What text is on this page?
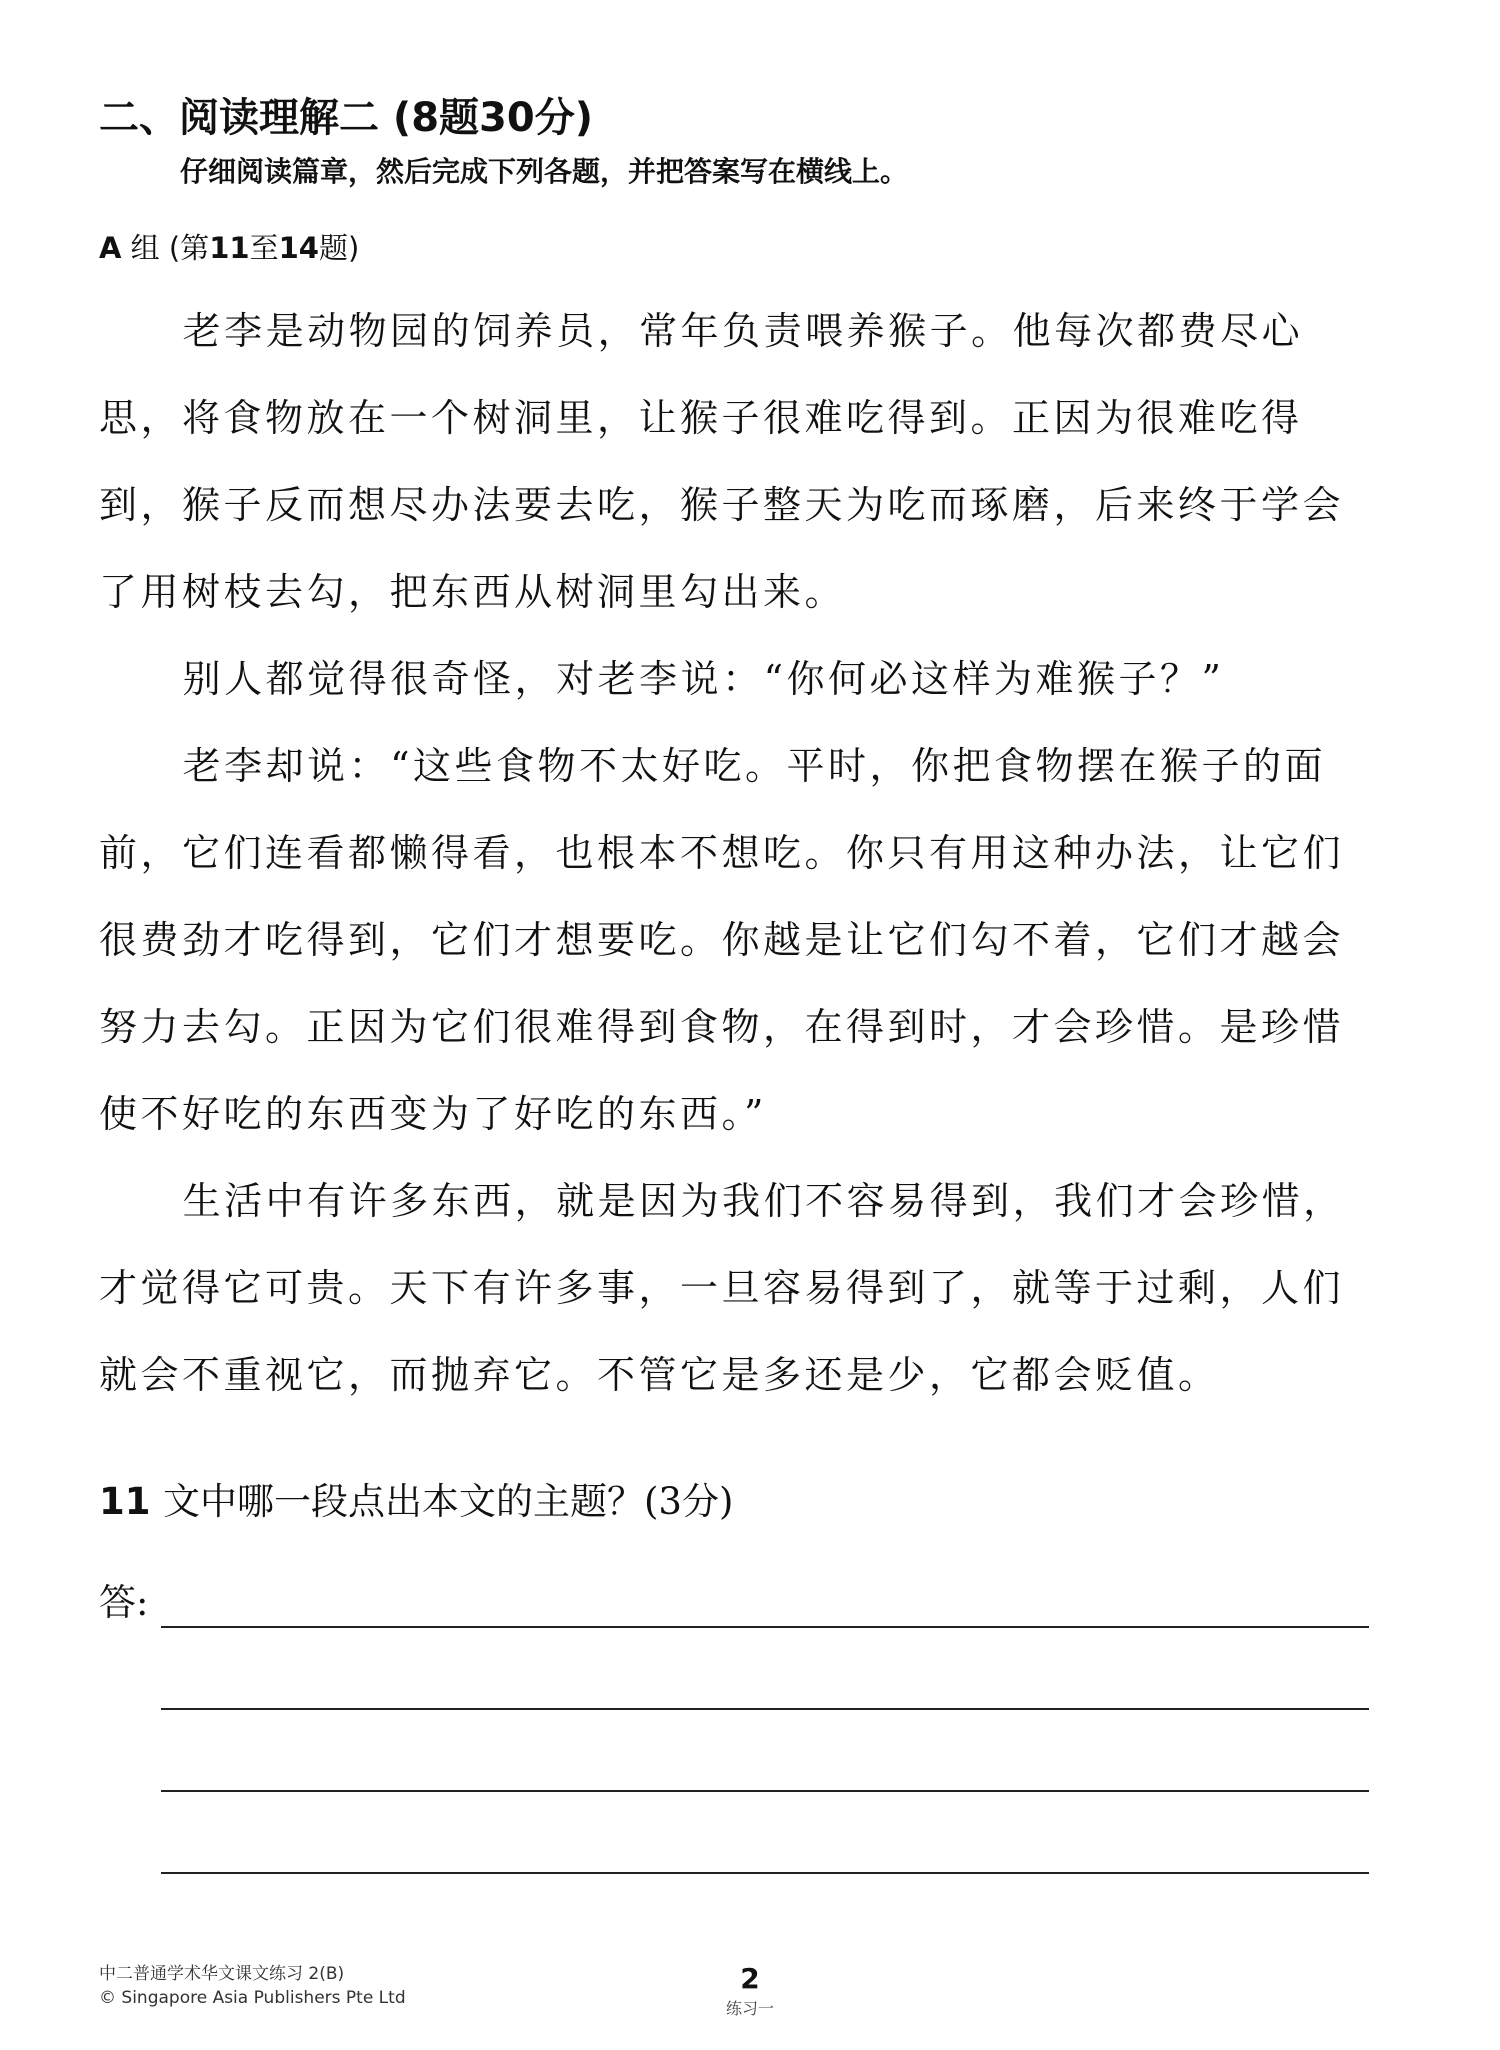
二、阅读理解二 (8题30分)
仔细阅读篇章，然后完成下列各题，并把答案写在横线上。
A 组 (第11至14题)

老李是动物园的饲养员，常年负责喂养猴子。他每次都费尽心思，将食物放在一个树洞里，让猴子很难吃得到。正因为很难吃得到，猴子反而想尽办法要去吃，猴子整天为吃而琢磨，后来终于学会了用树枝去勾，把东西从树洞里勾出来。

别人都觉得很奇怪，对老李说：“你何必这样为难猴子？”

老李却说：“这些食物不太好吃。平时，你把食物摆在猴子的面前，它们连看都懒得看，也根本不想吃。你只有用这种办法，让它们很费劲才吃得到，它们才想要吃。你越是让它们勾不着，它们才越会努力去勾。正因为它们很难得到食物，在得到时，才会珍惜。是珍惜使不好吃的东西变为了好吃的东西。”

生活中有许多东西，就是因为我们不容易得到，我们才会珍惜，才觉得它可贵。天下有许多事，一旦容易得到了，就等于过剩，人们就会不重视它，而抛弃它。不管它是多还是少，它都会贬值。

11 文中哪一段点出本文的主题？(3分)
答:
中二普通学术华文课文练习 2(B)
© Singapore Asia Publishers Pte Ltd
2
练习一
